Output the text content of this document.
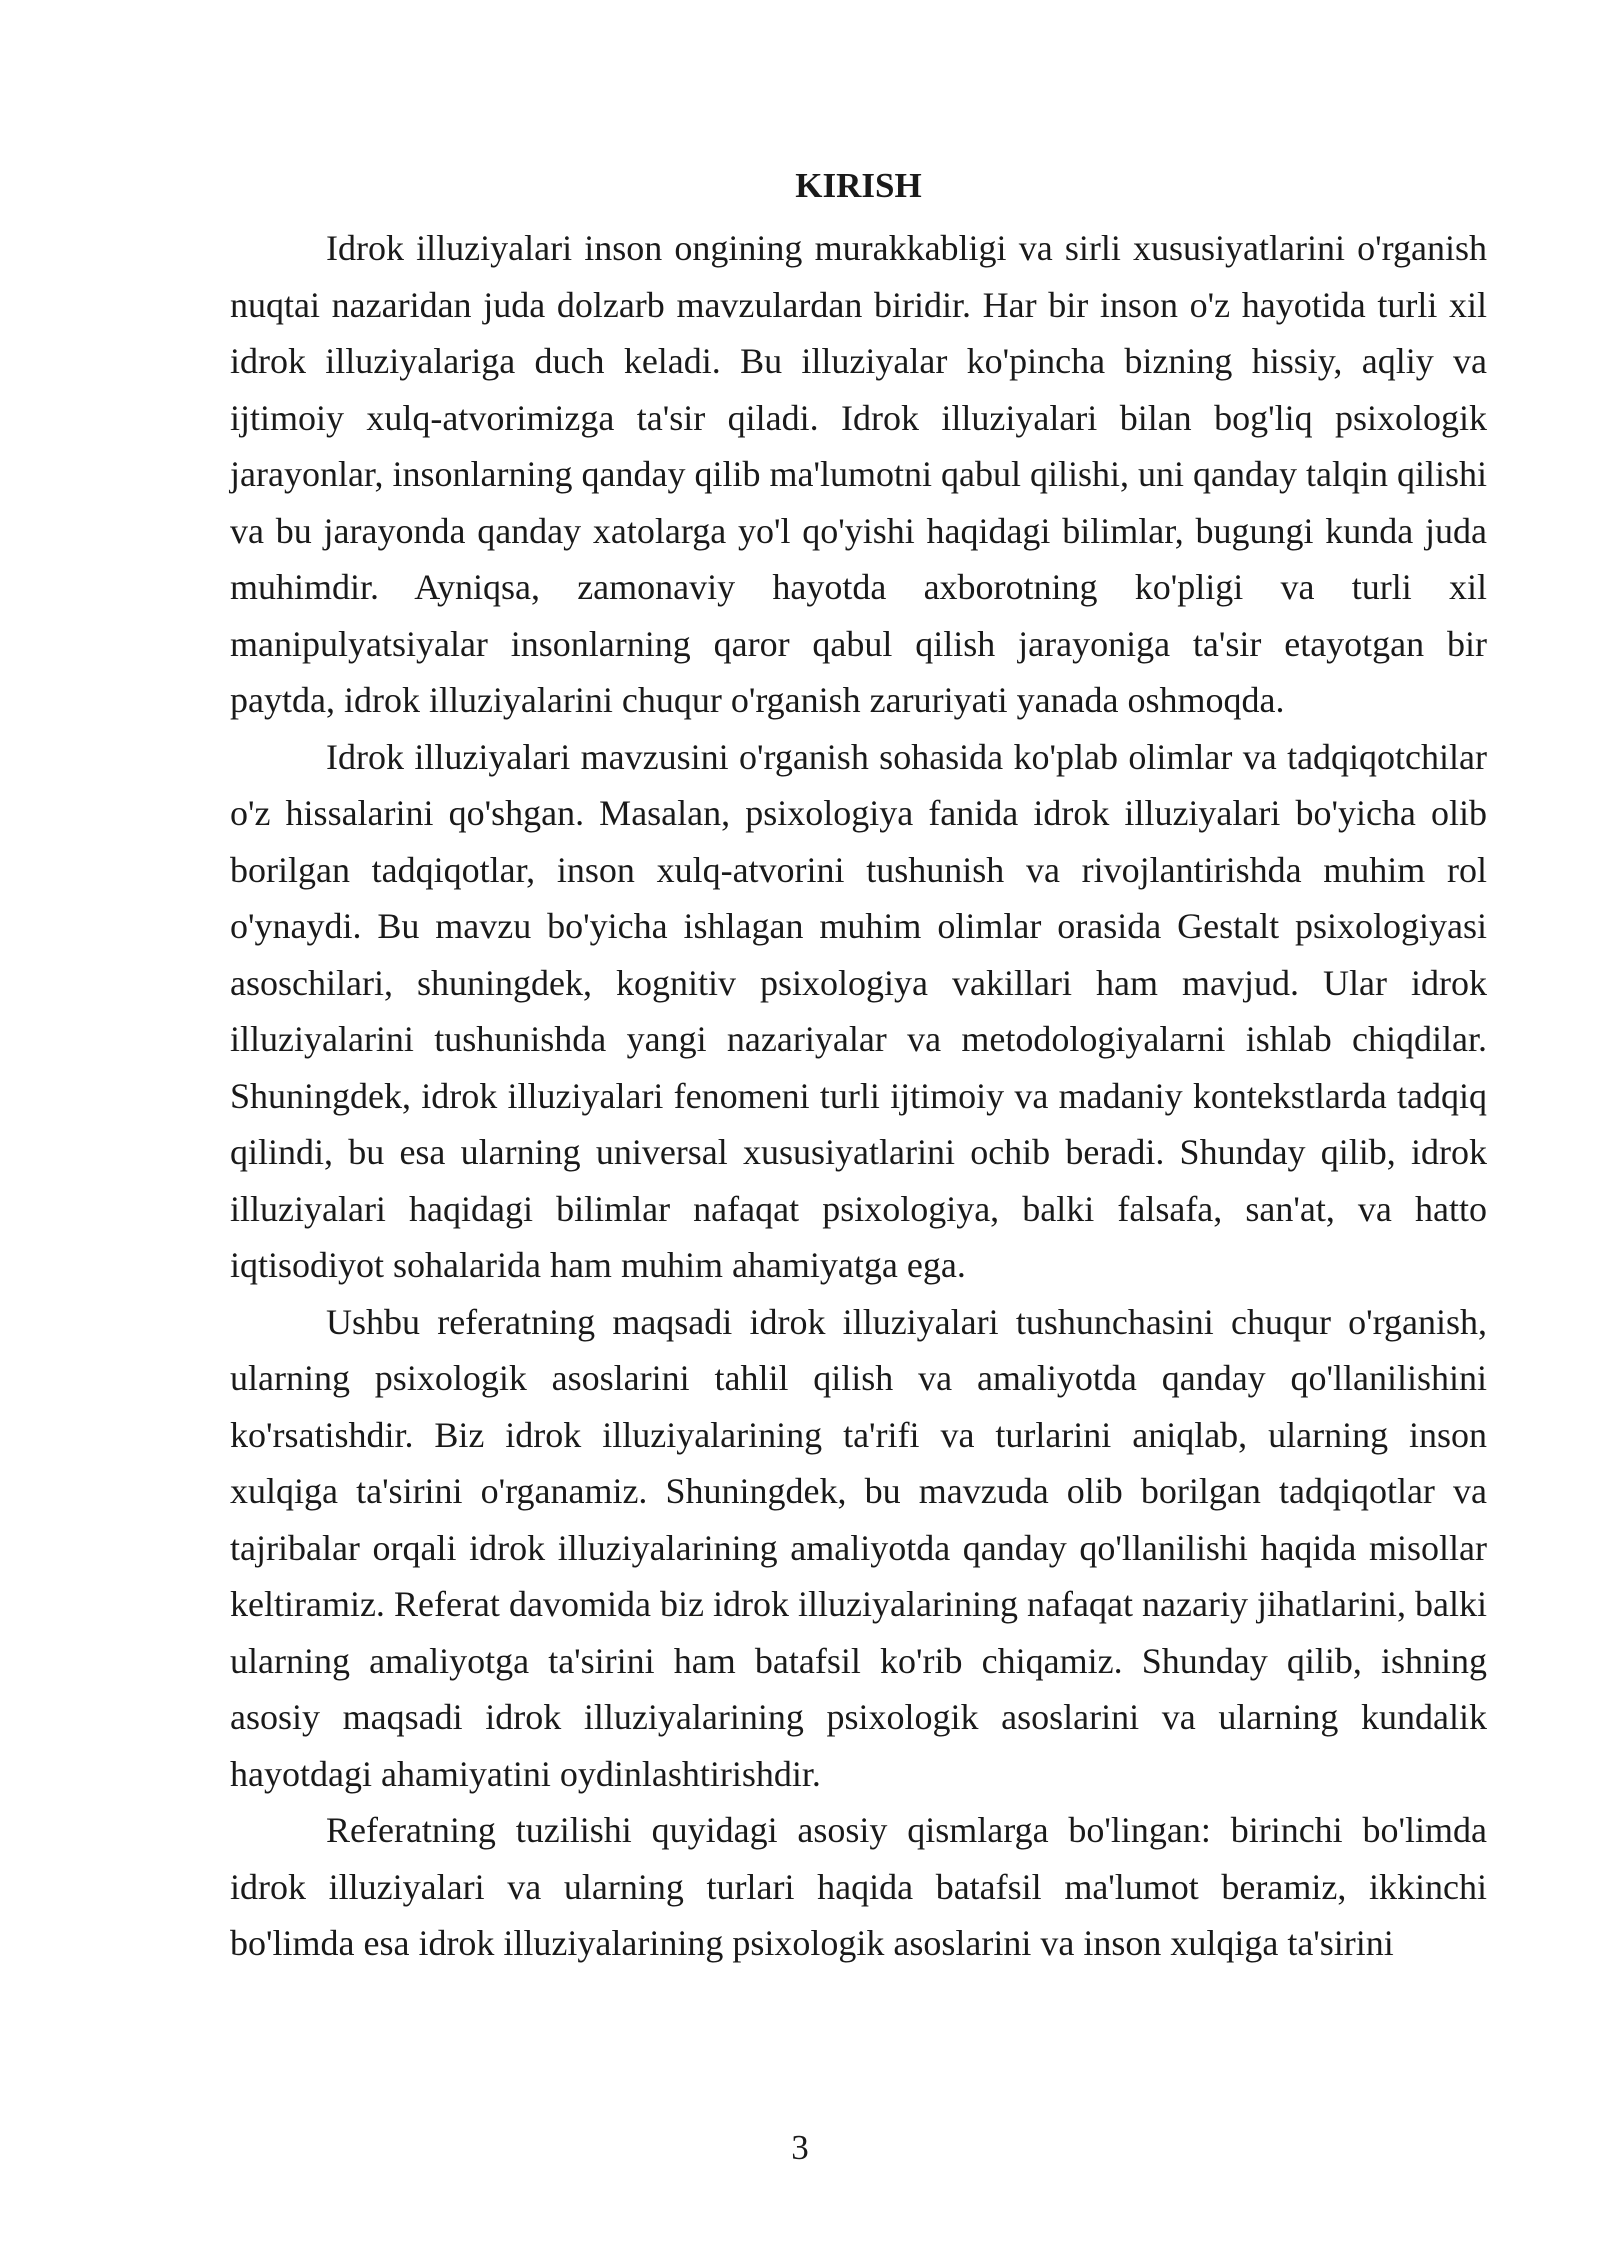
KIRISH

Idrok illuziyalari inson ongining murakkabligi va sirli xususiyatlarini o'rganish nuqtai nazaridan juda dolzarb mavzulardan biridir. Har bir inson o'z hayotida turli xil idrok illuziyalariga duch keladi. Bu illuziyalar ko'pincha bizning hissiy, aqliy va ijtimoiy xulq-atvorimizga ta'sir qiladi. Idrok illuziyalari bilan bog'liq psixologik jarayonlar, insonlarning qanday qilib ma'lumotni qabul qilishi, uni qanday talqin qilishi va bu jarayonda qanday xatolarga yo'l qo'yishi haqidagi bilimlar, bugungi kunda juda muhimdir. Ayniqsa, zamonaviy hayotda axborotning ko'pligi va turli xil manipulyatsiyalar insonlarning qaror qabul qilish jarayoniga ta'sir etayotgan bir paytda, idrok illuziyalarini chuqur o'rganish zaruriyati yanada oshmoqda.

Idrok illuziyalari mavzusini o'rganish sohasida ko'plab olimlar va tadqiqotchilar o'z hissalarini qo'shgan. Masalan, psixologiya fanida idrok illuziyalari bo'yicha olib borilgan tadqiqotlar, inson xulq-atvorini tushunish va rivojlantirishda muhim rol o'ynaydi. Bu mavzu bo'yicha ishlagan muhim olimlar orasida Gestalt psixologiyasi asoschilari, shuningdek, kognitiv psixologiya vakillari ham mavjud. Ular idrok illuziyalarini tushunishda yangi nazariyalar va metodologiyalarni ishlab chiqdilar. Shuningdek, idrok illuziyalari fenomeni turli ijtimoiy va madaniy kontekstlarda tadqiq qilindi, bu esa ularning universal xususiyatlarini ochib beradi. Shunday qilib, idrok illuziyalari haqidagi bilimlar nafaqat psixologiya, balki falsafa, san'at, va hatto iqtisodiyot sohalarida ham muhim ahamiyatga ega.

Ushbu referatning maqsadi idrok illuziyalari tushunchasini chuqur o'rganish, ularning psixologik asoslarini tahlil qilish va amaliyotda qanday qo'llanilishini ko'rsatishdir. Biz idrok illuziyalarining ta'rifi va turlarini aniqlab, ularning inson xulqiga ta'sirini o'rganamiz. Shuningdek, bu mavzuda olib borilgan tadqiqotlar va tajribalar orqali idrok illuziyalarining amaliyotda qanday qo'llanilishi haqida misollar keltiramiz. Referat davomida biz idrok illuziyalarining nafaqat nazariy jihatlarini, balki ularning amaliyotga ta'sirini ham batafsil ko'rib chiqamiz. Shunday qilib, ishning asosiy maqsadi idrok illuziyalarining psixologik asoslarini va ularning kundalik hayotdagi ahamiyatini oydinlashtirishdir.

Referatning tuzilishi quyidagi asosiy qismlarga bo'lingan: birinchi bo'limda idrok illuziyalari va ularning turlari haqida batafsil ma'lumot beramiz, ikkinchi bo'limda esa idrok illuziyalarining psixologik asoslarini va inson xulqiga ta'sirini

3
